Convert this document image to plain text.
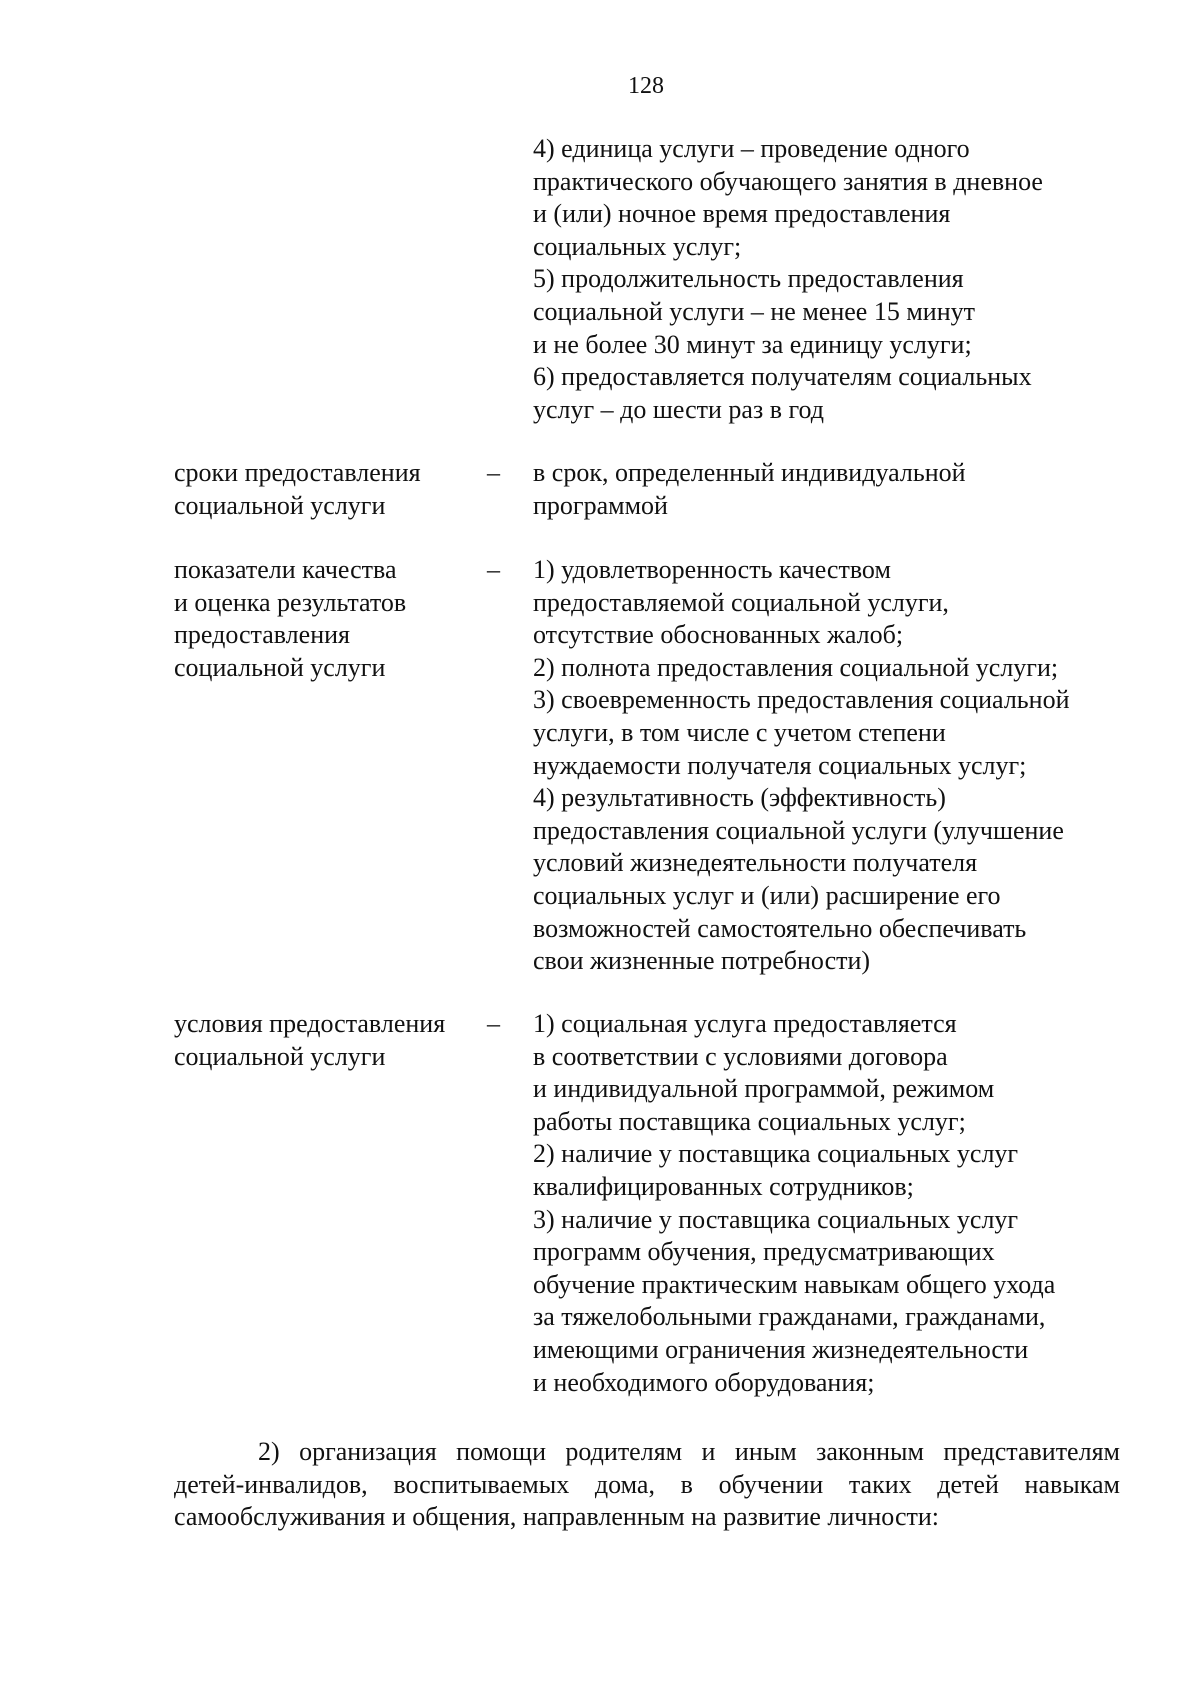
128
4) единица услуги – проведение одного
практического обучающего занятия в дневное
и (или) ночное время предоставления
социальных услуг;
5) продолжительность предоставления
социальной услуги – не менее 15 минут
и не более 30 минут за единицу услуги;
6) предоставляется получателям социальных
услуг – до шести раз в год
сроки предоставления
социальной услуги
– в срок, определенный индивидуальной
программой
показатели качества
и оценка результатов
предоставления
социальной услуги
– 1) удовлетворенность качеством
предоставляемой социальной услуги,
отсутствие обоснованных жалоб;
2) полнота предоставления социальной услуги;
3) своевременность предоставления социальной
услуги, в том числе с учетом степени
нуждаемости получателя социальных услуг;
4) результативность (эффективность)
предоставления социальной услуги (улучшение
условий жизнедеятельности получателя
социальных услуг и (или) расширение его
возможностей самостоятельно обеспечивать
свои жизненные потребности)
условия предоставления
социальной услуги
– 1) социальная услуга предоставляется
в соответствии с условиями договора
и индивидуальной программой, режимом
работы поставщика социальных услуг;
2) наличие у поставщика социальных услуг
квалифицированных сотрудников;
3) наличие у поставщика социальных услуг
программ обучения, предусматривающих
обучение практическим навыкам общего ухода
за тяжелобольными гражданами, гражданами,
имеющими ограничения жизнедеятельности
и необходимого оборудования;
2) организация помощи родителям и иным законным представителям
детей-инвалидов, воспитываемых дома, в обучении таких детей навыкам
самообслуживания и общения, направленным на развитие личности:
